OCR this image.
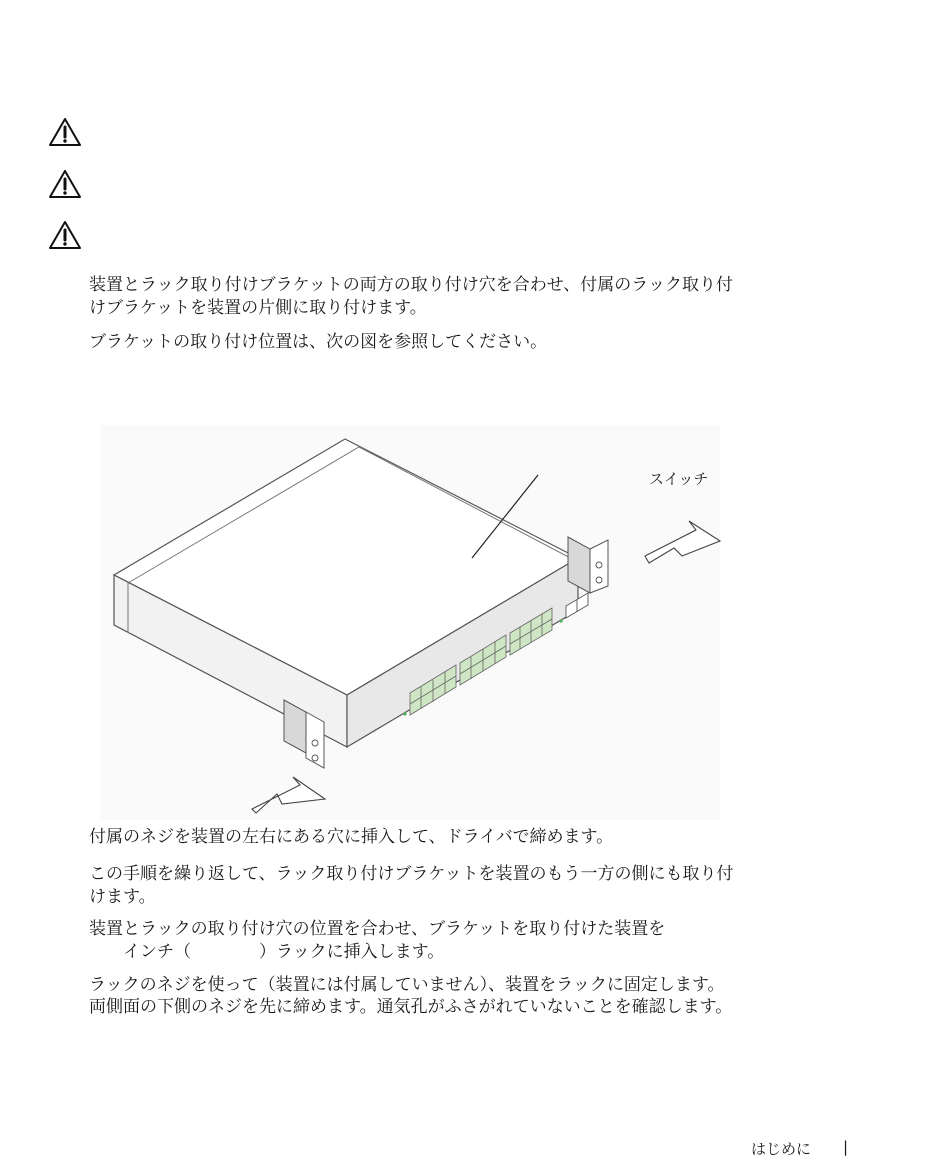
装置とラック取り付けブラケットの両方の取り付け穴を合わせ、付属のラック取り付

けブラケットを装置の片側に取り付けます。

ブラケットの取り付け位置は、次の図を参照してください。

スイッチ

付属のネジを装置の左右にある穴に挿入して、ドライバで締めます。

この手順を繰り返して、ラック取り付けブラケットを装置のもう一方の側にも取り付

けます。

装置とラックの取り付け穴の位置を合わせ、ブラケットを取り付けた装置を

　　インチ（　　　　）ラックに挿入します。

ラックのネジを使って（装置には付属していません）、装置をラックに固定します。

両側面の下側のネジを先に締めます。通気孔がふさがれていないことを確認します。

はじめに |
